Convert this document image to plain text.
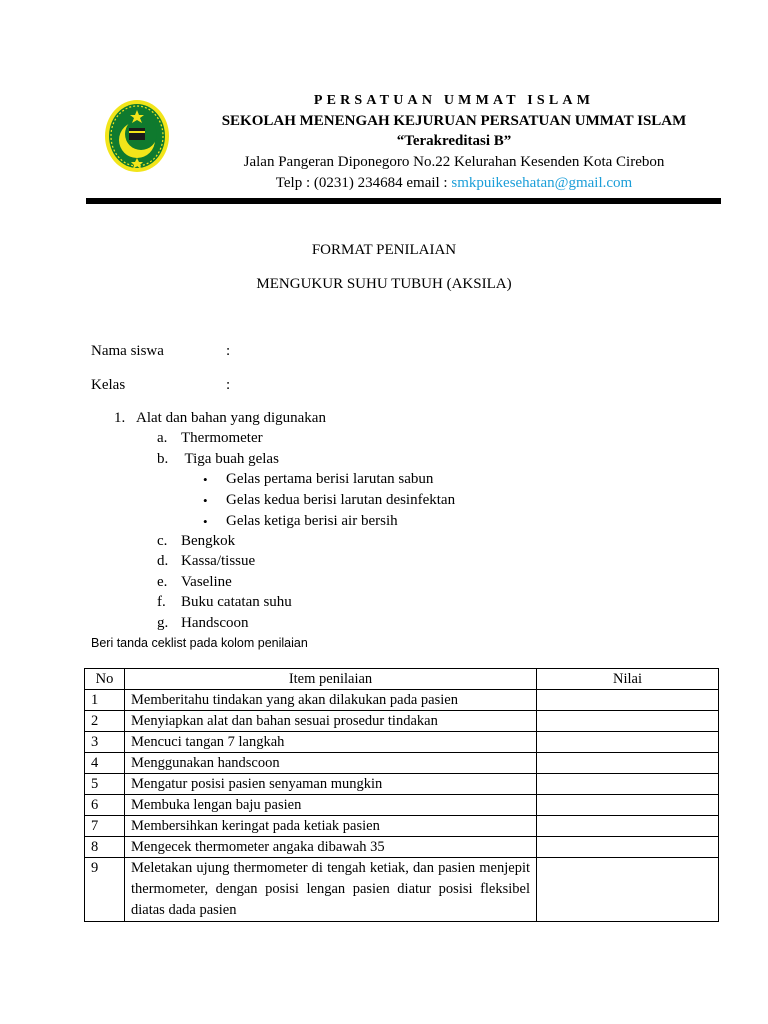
PERSATUAN UMMAT ISLAM
SEKOLAH MENENGAH KEJURUAN PERSATUAN UMMAT ISLAM
“Terakreditasi B”
Jalan Pangeran Diponegoro No.22 Kelurahan Kesenden Kota Cirebon
Telp : (0231) 234684 email : smkpuikesehatan@gmail.com
FORMAT PENILAIAN
MENGUKUR SUHU TUBUH (AKSILA)
Nama siswa	:
Kelas	:
1. Alat dan bahan yang digunakan
a. Thermometer
b. Tiga buah gelas
• Gelas pertama berisi larutan sabun
• Gelas kedua berisi larutan desinfektan
• Gelas ketiga berisi air bersih
c. Bengkok
d. Kassa/tissue
e. Vaseline
f. Buku catatan suhu
g. Handscoon
Beri tanda ceklist pada kolom penilaian
No	Item penilaian	Nilai
1	Memberitahu tindakan yang akan dilakukan pada pasien	
2	Menyiapkan alat dan bahan sesuai prosedur tindakan	
3	Mencuci tangan 7 langkah	
4	Menggunakan handscoon	
5	Mengatur posisi pasien senyaman mungkin	
6	Membuka lengan baju pasien	
7	Membersihkan keringat pada ketiak pasien	
8	Mengecek thermometer angaka dibawah 35	
9	Meletakan ujung thermometer di tengah ketiak, dan pasien menjepit thermometer, dengan posisi lengan pasien diatur posisi fleksibel diatas dada pasien	
